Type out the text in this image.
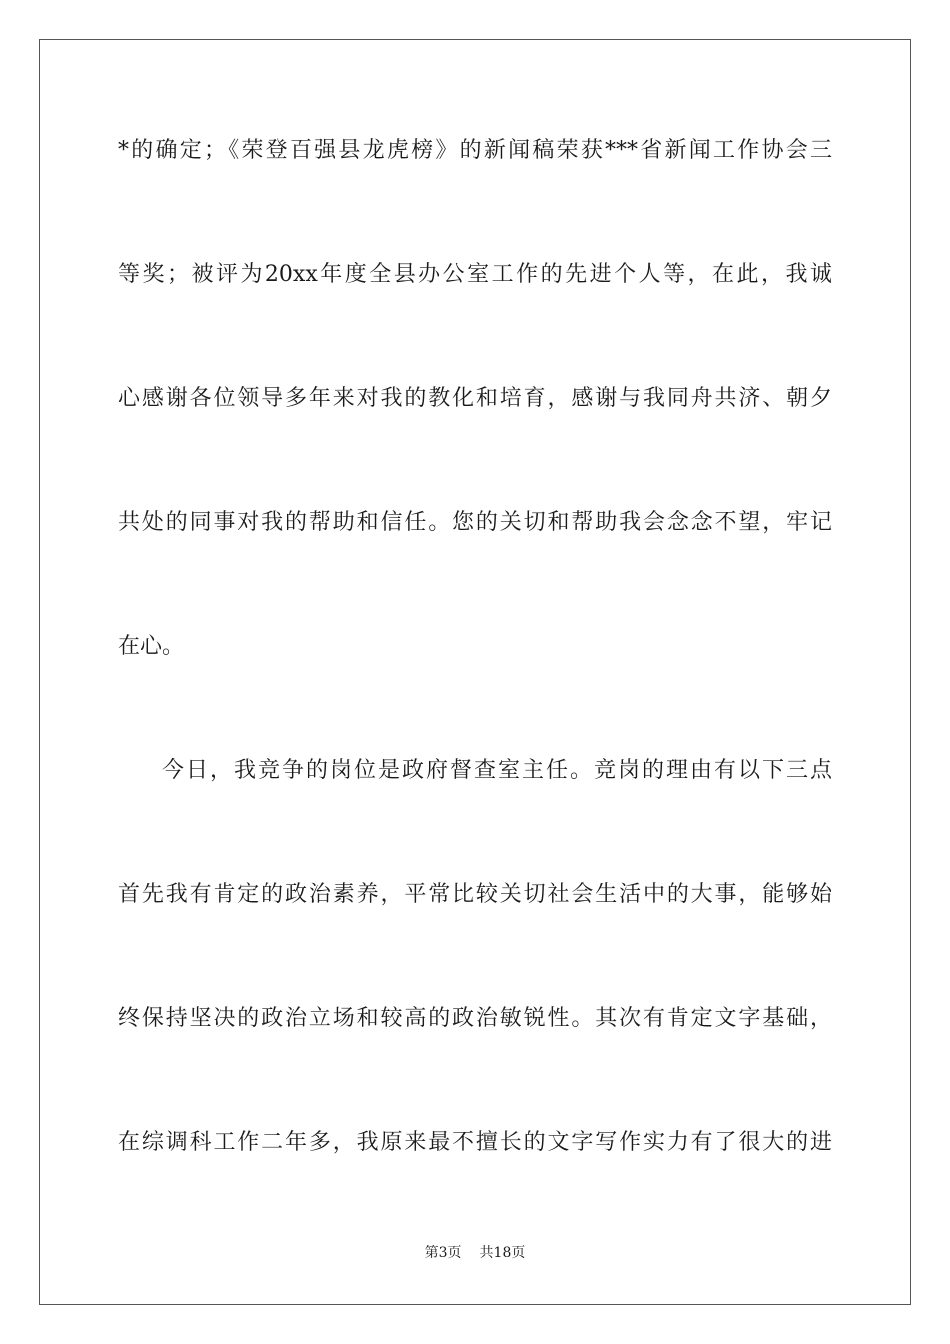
*的确定；《荣登百强县龙虎榜》的新闻稿荣获***省新闻工作协会三
等奖；被评为20xx年度全县办公室工作的先进个人等，在此，我诚
心感谢各位领导多年来对我的教化和培育，感谢与我同舟共济、朝夕
共处的同事对我的帮助和信任。您的关切和帮助我会念念不望，牢记
在心。
今日，我竞争的岗位是政府督查室主任。竞岗的理由有以下三点
首先我有肯定的政治素养，平常比较关切社会生活中的大事，能够始
终保持坚决的政治立场和较高的政治敏锐性。其次有肯定文字基础，
在综调科工作二年多，我原来最不擅长的文字写作实力有了很大的进
第3页 共18页
